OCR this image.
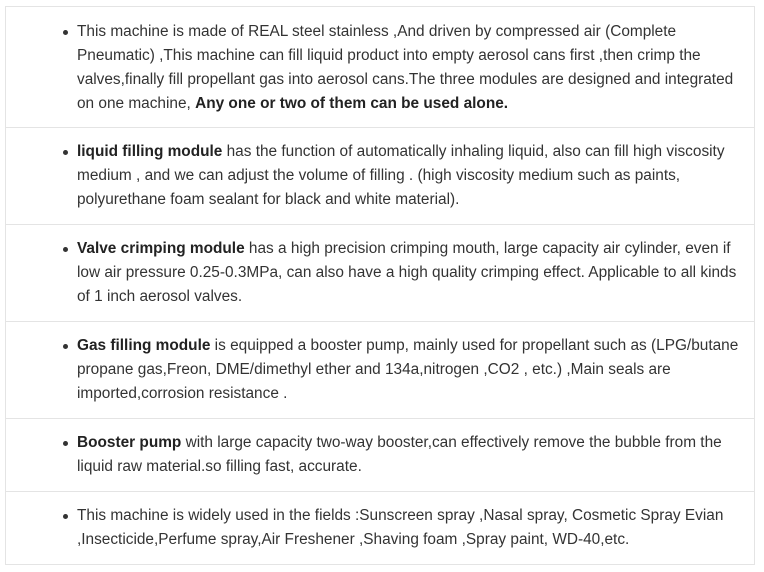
This machine is made of REAL steel stainless ,And driven by compressed air (Complete Pneumatic) ,This machine can fill liquid product into empty aerosol cans first ,then crimp the valves,finally fill propellant gas into aerosol cans.The three modules are designed and integrated on one machine, Any one or two of them can be used alone.
liquid filling module has the function of automatically inhaling liquid, also can fill high viscosity medium , and we can adjust the volume of filling . (high viscosity medium such as paints, polyurethane foam sealant for black and white material).
Valve crimping module has a high precision crimping mouth, large capacity air cylinder, even if low air pressure 0.25-0.3MPa, can also have a high quality crimping effect. Applicable to all kinds of 1 inch aerosol valves.
Gas filling module is equipped a booster pump, mainly used for propellant such as (LPG/butane propane gas,Freon, DME/dimethyl ether and 134a,nitrogen ,CO2 , etc.) ,Main seals are imported,corrosion resistance .
Booster pump with large capacity two-way booster,can effectively remove the bubble from the liquid raw material.so filling fast, accurate.
This machine is widely used in the fields :Sunscreen spray ,Nasal spray, Cosmetic Spray Evian ,Insecticide,Perfume spray,Air Freshener ,Shaving foam ,Spray paint, WD-40,etc.
